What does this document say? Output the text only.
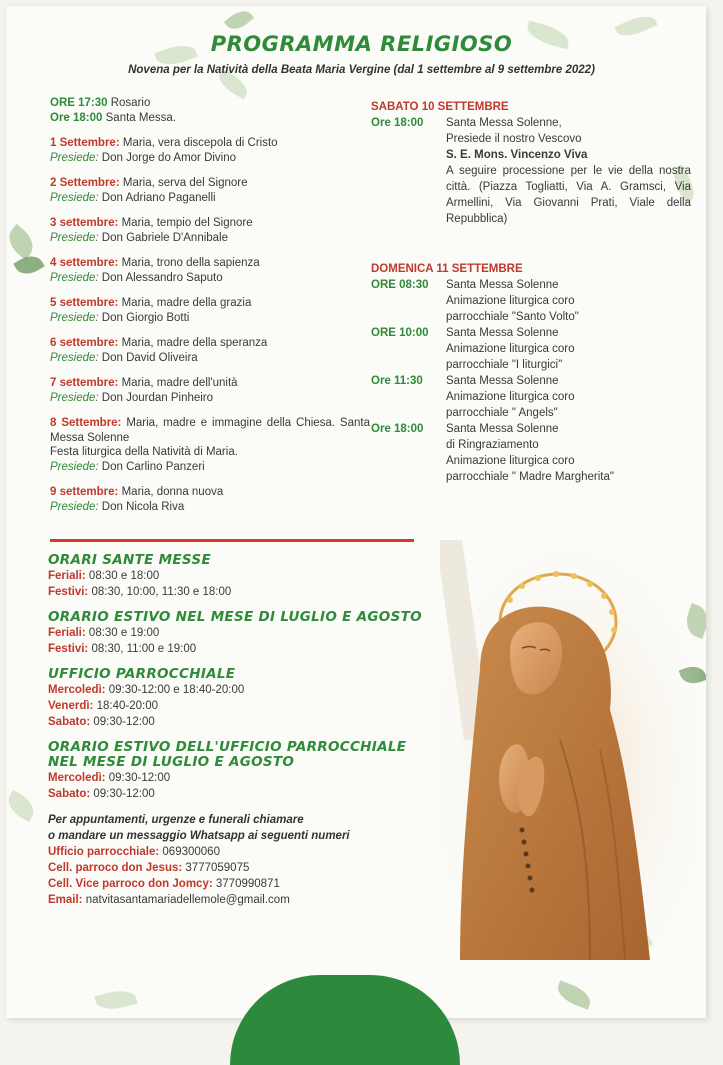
PROGRAMMA RELIGIOSO
Novena per la Natività della Beata Maria Vergine (dal 1 settembre al 9 settembre 2022)

ORE 17:30 Rosario

Ore 18:00 Santa Messa.

1 Settembre: Maria, vera discepola di Cristo

Presiede: Don Jorge do Amor Divino

2 Settembre: Maria, serva del Signore

Presiede: Don Adriano Paganelli

3 settembre: Maria, tempio del Signore

Presiede: Don Gabriele D'Annibale

4 settembre: Maria, trono della sapienza

Presiede: Don Alessandro Saputo

5 settembre: Maria, madre della grazia

Presiede: Don Giorgio Botti

6 settembre: Maria, madre della speranza

Presiede: Don David Oliveira

7 settembre: Maria, madre dell'unità

Presiede: Don Jourdan Pinheiro

8 Settembre: Maria, madre e immagine della Chiesa. Santa Messa Solenne

Festa liturgica della Natività di Maria.

Presiede: Don Carlino Panzeri

9 settembre: Maria, donna nuova

Presiede: Don Nicola Riva

SABATO 10 SETTEMBRE
Ore 18:00	Santa Messa Solenne,
Presiede il nostro Vescovo
S. E. Mons. Vincenzo Viva
A seguire processione per le vie della nostra città. (Piazza Togliatti, Via A. Gramsci, Via Armellini, Via Giovanni Prati, Viale della Repubblica)
DOMENICA 11 SETTEMBRE
ORE 08:30	Santa Messa Solenne
Animazione liturgica coro
parrocchiale "Santo Volto"
ORE 10:00	Santa Messa Solenne
Animazione liturgica coro
parrocchiale "I liturgici"
Ore 11:30	Santa Messa Solenne
Animazione liturgica coro
parrocchiale " Angels"
Ore 18:00	Santa Messa Solenne
di Ringraziamento
Animazione liturgica coro
parrocchiale " Madre Margherita"

ORARI SANTE MESSE

Feriali: 08:30 e 18:00
Festivi: 08:30, 10:00, 11:30 e 18:00

ORARIO ESTIVO NEL MESE DI LUGLIO E AGOSTO

Feriali: 08:30 e 19:00
Festivi: 08:30, 11:00 e 19:00

UFFICIO PARROCCHIALE

Mercoledì: 09:30-12:00 e 18:40-20:00
Venerdì: 18:40-20:00
Sabato: 09:30-12:00

ORARIO ESTIVO DELL'UFFICIO PARROCCHIALE

NEL MESE DI LUGLIO E AGOSTO

Mercoledì: 09:30-12:00
Sabato: 09:30-12:00
Per appuntamenti, urgenze e funerali chiamare
o mandare un messaggio Whatsapp ai seguenti numeri
Ufficio parrocchiale: 069300060
Cell. parroco don Jesus: 3777059075
Cell. Vice parroco don Jomcy: 3770990871
Email: natvitasantamariadellemole@gmail.com
